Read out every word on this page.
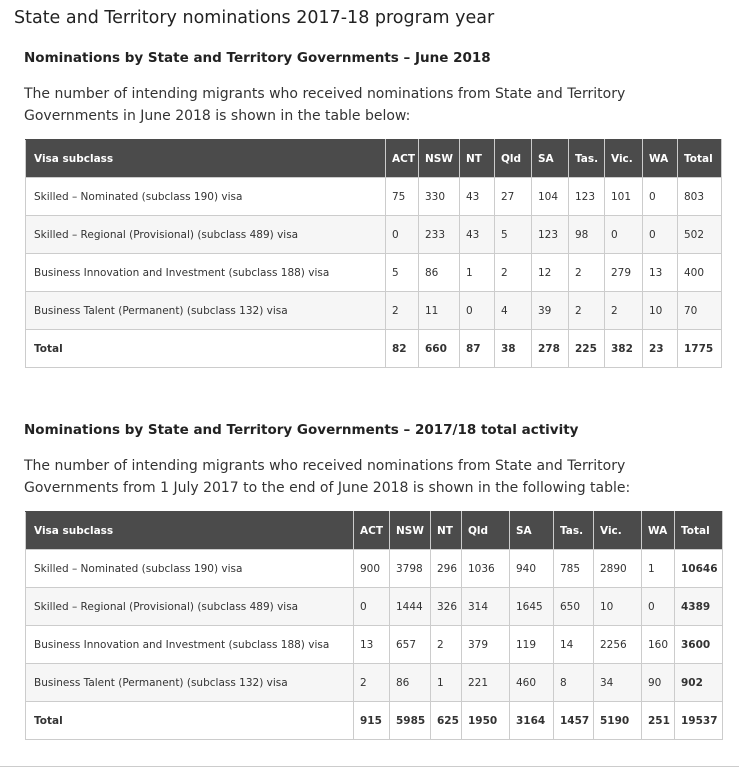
State and Territory nominations 2017-18 program year
Nominations by State and Territory Governments – June 2018

The number of intending migrants who received nominations from State and Territory Governments in June 2018 is shown in the table below:

Visa subclass	ACT	NSW	NT	Qld	SA	Tas.	Vic.	WA	Total
Skilled – Nominated (subclass 190) visa	75	330	43	27	104	123	101	0	803
Skilled – Regional (Provisional) (subclass 489) visa	0	233	43	5	123	98	0	0	502
Business Innovation and Investment (subclass 188) visa	5	86	1	2	12	2	279	13	400
Business Talent (Permanent) (subclass 132) visa	2	11	0	4	39	2	2	10	70
Total	82	660	87	38	278	225	382	23	1775
Nominations by State and Territory Governments – 2017/18 total activity

The number of intending migrants who received nominations from State and Territory Governments from 1 July 2017 to the end of June 2018 is shown in the following table:

Visa subclass	ACT	NSW	NT	Qld	SA	Tas.	Vic.	WA	Total
Skilled – Nominated (subclass 190) visa	900	3798	296	1036	940	785	2890	1	10646
Skilled – Regional (Provisional) (subclass 489) visa	0	1444	326	314	1645	650	10	0	4389
Business Innovation and Investment (subclass 188) visa	13	657	2	379	119	14	2256	160	3600
Business Talent (Permanent) (subclass 132) visa	2	86	1	221	460	8	34	90	902
Total	915	5985	625	1950	3164	1457	5190	251	19537
